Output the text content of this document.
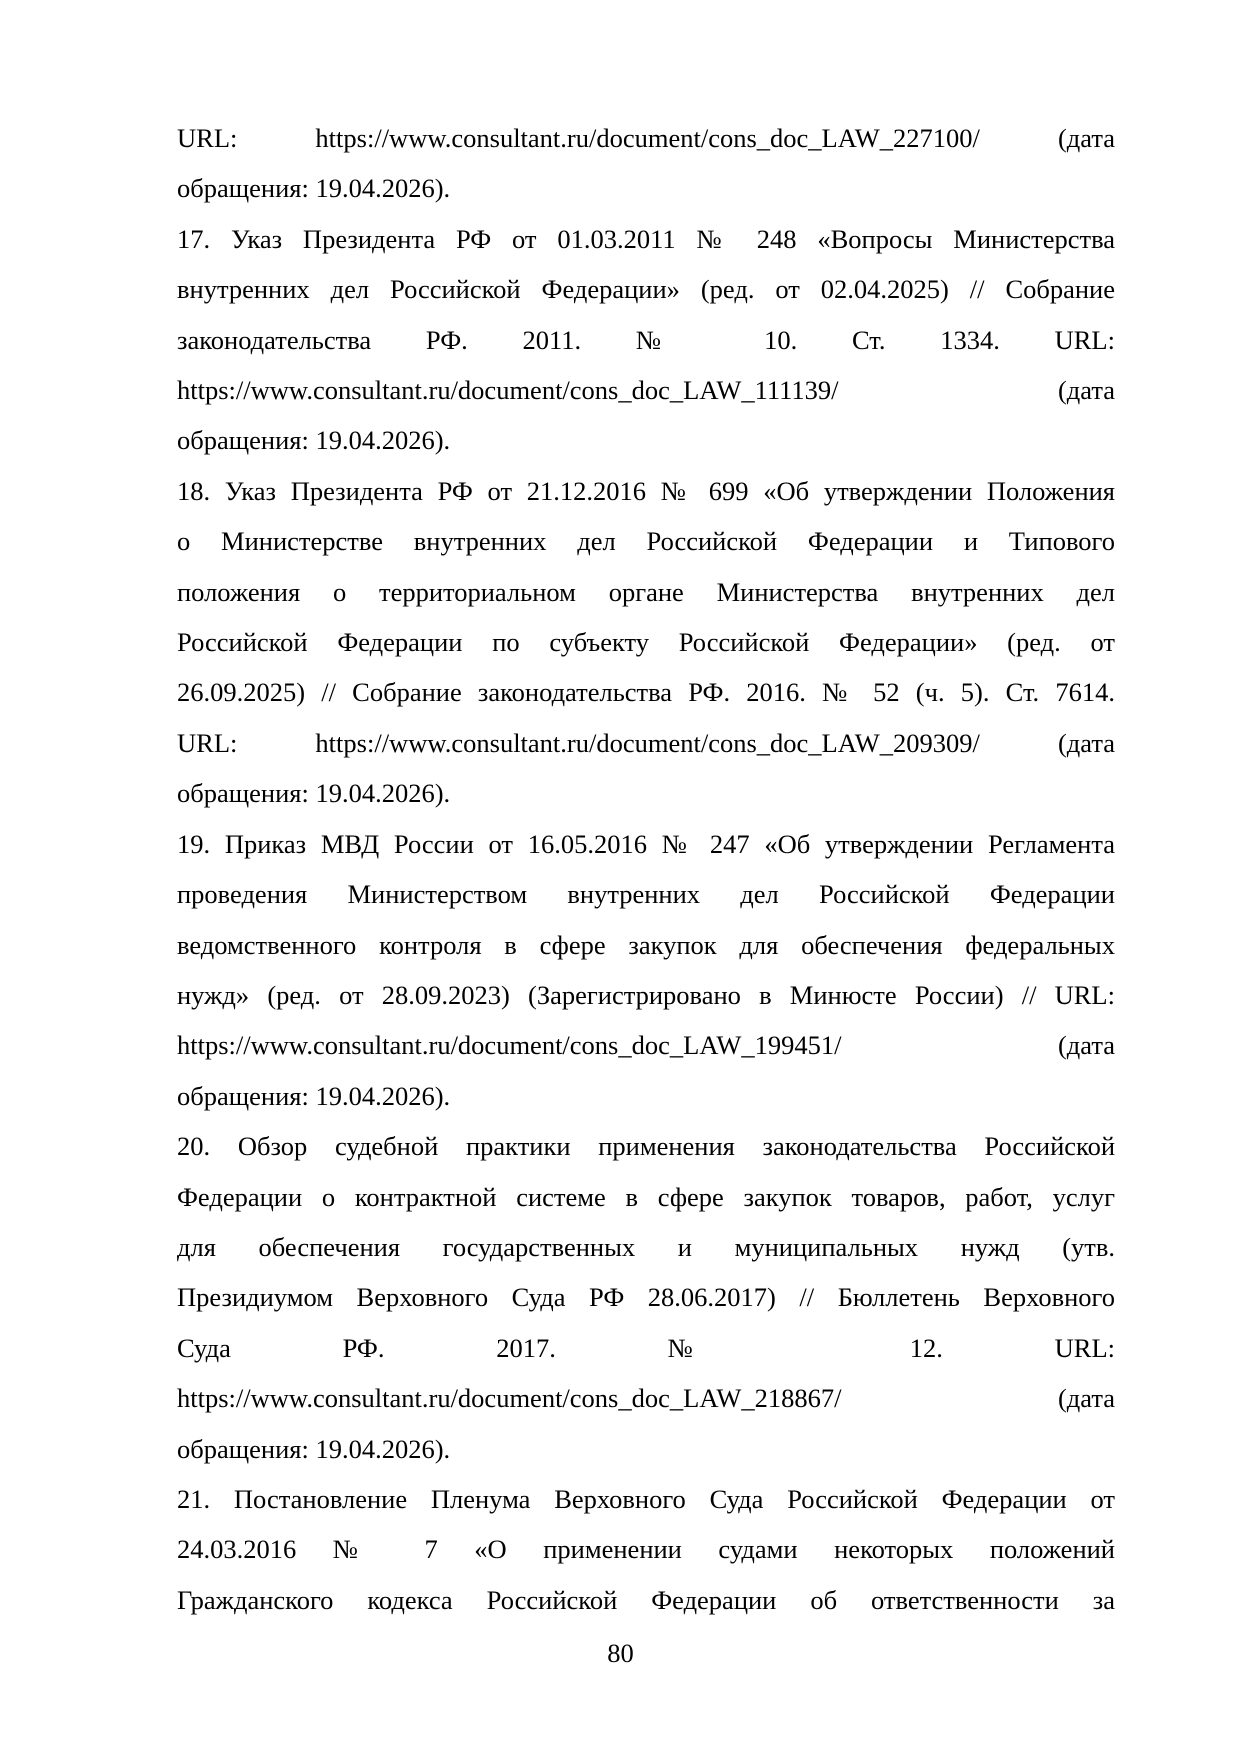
URL: https://www.consultant.ru/document/cons_doc_LAW_227100/ (дата
обращения: 19.04.2026).

17. Указ Президента РФ от 01.03.2011 № 248 «Вопросы Министерства
внутренних дел Российской Федерации» (ред. от 02.04.2025) // Собрание
законодательства РФ. 2011. № 10. Ст. 1334. URL:
https://www.consultant.ru/document/cons_doc_LAW_111139/ (дата
обращения: 19.04.2026).

18. Указ Президента РФ от 21.12.2016 № 699 «Об утверждении Положения
о Министерстве внутренних дел Российской Федерации и Типового
положения о территориальном органе Министерства внутренних дел
Российской Федерации по субъекту Российской Федерации» (ред. от
26.09.2025) // Собрание законодательства РФ. 2016. № 52 (ч. 5). Ст. 7614.
URL: https://www.consultant.ru/document/cons_doc_LAW_209309/ (дата
обращения: 19.04.2026).

19. Приказ МВД России от 16.05.2016 № 247 «Об утверждении Регламента
проведения Министерством внутренних дел Российской Федерации
ведомственного контроля в сфере закупок для обеспечения федеральных
нужд» (ред. от 28.09.2023) (Зарегистрировано в Минюсте России) // URL:
https://www.consultant.ru/document/cons_doc_LAW_199451/ (дата
обращения: 19.04.2026).

20. Обзор судебной практики применения законодательства Российской
Федерации о контрактной системе в сфере закупок товаров, работ, услуг
для обеспечения государственных и муниципальных нужд (утв.
Президиумом Верховного Суда РФ 28.06.2017) // Бюллетень Верховного
Суда РФ. 2017. № 12. URL:
https://www.consultant.ru/document/cons_doc_LAW_218867/ (дата
обращения: 19.04.2026).

21. Постановление Пленума Верховного Суда Российской Федерации от
24.03.2016 № 7 «О применении судами некоторых положений
Гражданского кодекса Российской Федерации об ответственности за

80
